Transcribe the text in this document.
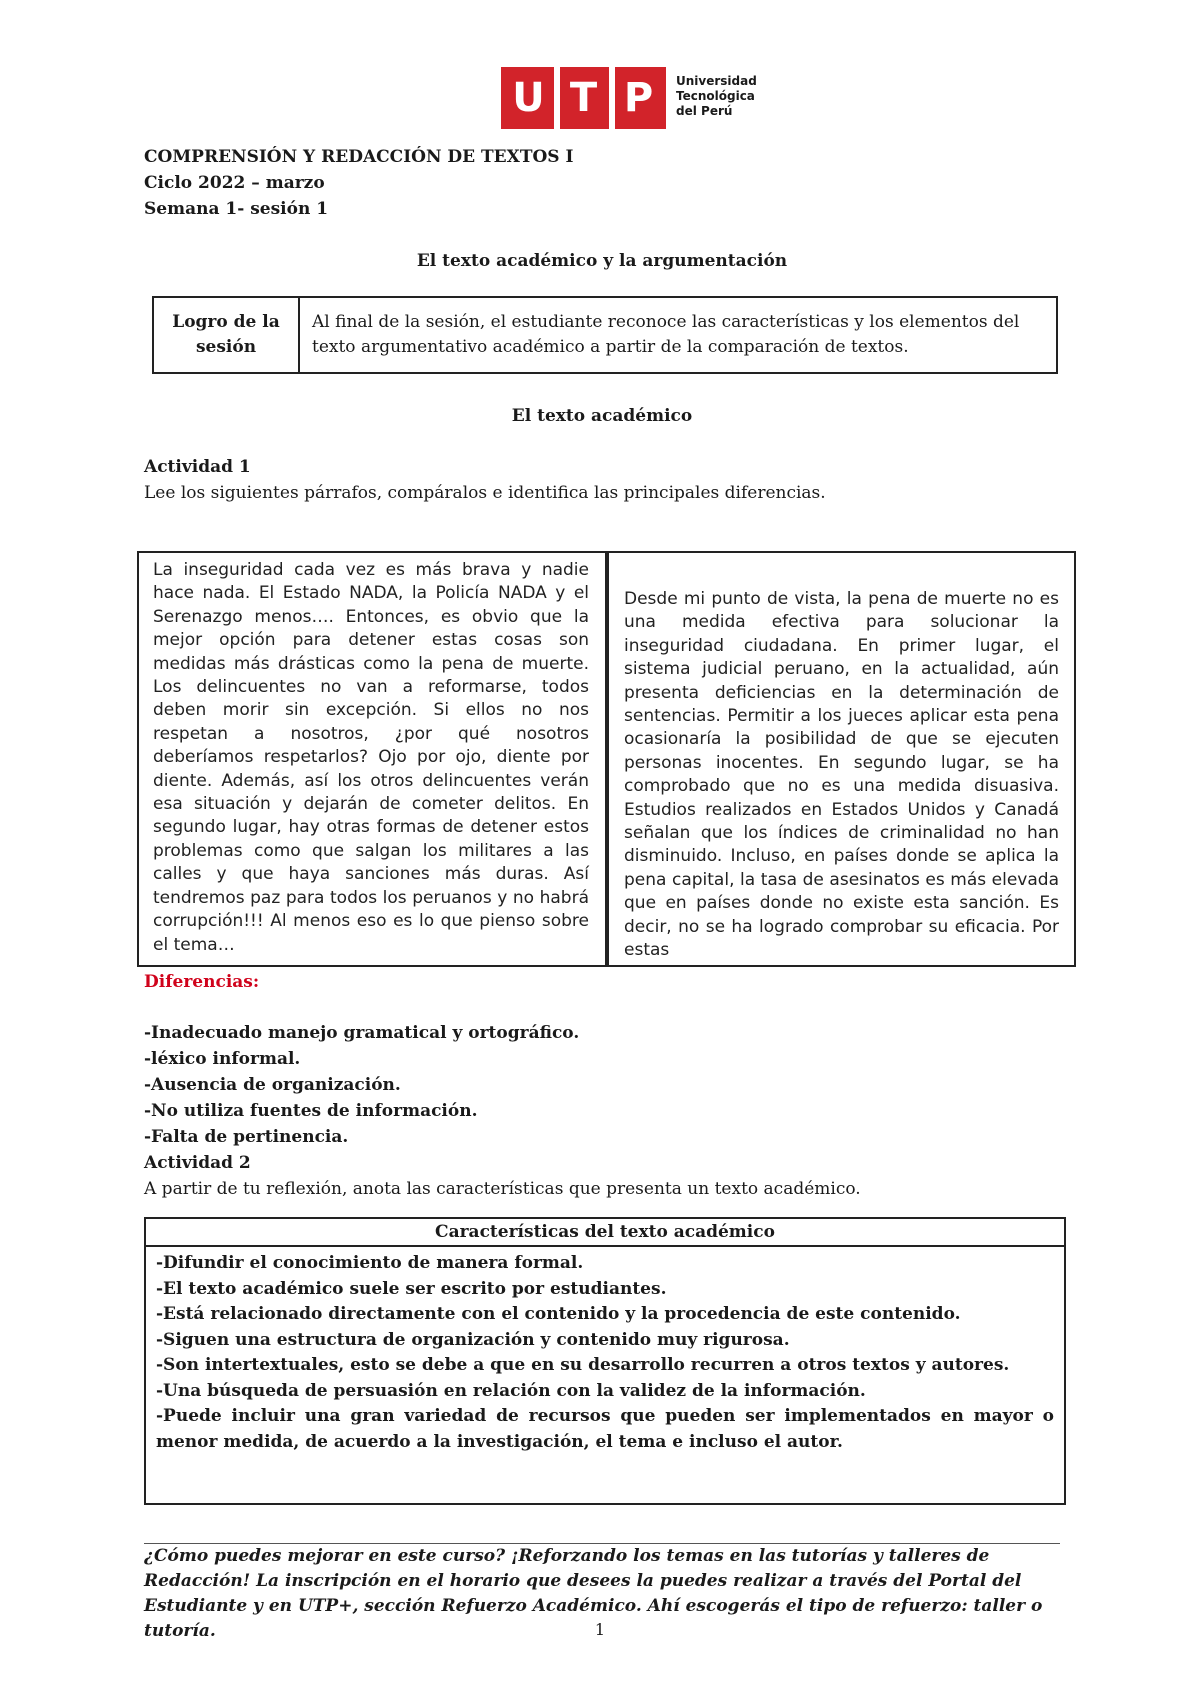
U T P	Universidad
Tecnológica
del Perú
COMPRENSIÓN Y REDACCIÓN DE TEXTOS I
Ciclo 2022 – marzo
Semana 1- sesión 1
El texto académico y la argumentación
Logro de la sesión
Al final de la sesión, el estudiante reconoce las características y los elementos del texto argumentativo académico a partir de la comparación de textos.
El texto académico
Actividad 1
Lee los siguientes párrafos, compáralos e identifica las principales diferencias.
La inseguridad cada vez es más brava y nadie hace nada. El Estado NADA, la Policía NADA y el Serenazgo menos…. Entonces, es obvio que la mejor opción para detener estas cosas son medidas más drásticas como la pena de muerte. Los delincuentes no van a reformarse, todos deben morir sin excepción. Si ellos no nos respetan a nosotros, ¿por qué nosotros deberíamos respetarlos? Ojo por ojo, diente por diente. Además, así los otros delincuentes verán esa situación y dejarán de cometer delitos. En segundo lugar, hay otras formas de detener estos problemas como que salgan los militares a las calles y que haya sanciones más duras. Así tendremos paz para todos los peruanos y no habrá corrupción!!! Al menos eso es lo que pienso sobre el tema…
Desde mi punto de vista, la pena de muerte no es una medida efectiva para solucionar la inseguridad ciudadana. En primer lugar, el sistema judicial peruano, en la actualidad, aún presenta deficiencias en la determinación de sentencias. Permitir a los jueces aplicar esta pena ocasionaría la posibilidad de que se ejecuten personas inocentes. En segundo lugar, se ha comprobado que no es una medida disuasiva. Estudios realizados en Estados Unidos y Canadá señalan que los índices de criminalidad no han disminuido. Incluso, en países donde se aplica la pena capital, la tasa de asesinatos es más elevada que en países donde no existe esta sanción. Es decir, no se ha logrado comprobar su eficacia. Por estas
Diferencias:
-Inadecuado manejo gramatical y ortográfico.
-léxico informal.
-Ausencia de organización.
-No utiliza fuentes de información.
-Falta de pertinencia.
Actividad 2
A partir de tu reflexión, anota las características que presenta un texto académico.
Características del texto académico
-Difundir el conocimiento de manera formal.
-El texto académico suele ser escrito por estudiantes.
-Está relacionado directamente con el contenido y la procedencia de este contenido.
-Siguen una estructura de organización y contenido muy rigurosa.
-Son intertextuales, esto se debe a que en su desarrollo recurren a otros textos y autores.
-Una búsqueda de persuasión en relación con la validez de la información.
-Puede incluir una gran variedad de recursos que pueden ser implementados en mayor o menor medida, de acuerdo a la investigación, el tema e incluso el autor.
¿Cómo puedes mejorar en este curso? ¡Reforzando los temas en las tutorías y talleres de Redacción! La inscripción en el horario que desees la puedes realizar a través del Portal del Estudiante y en UTP+, sección Refuerzo Académico. Ahí escogerás el tipo de refuerzo: taller o tutoría.	1
